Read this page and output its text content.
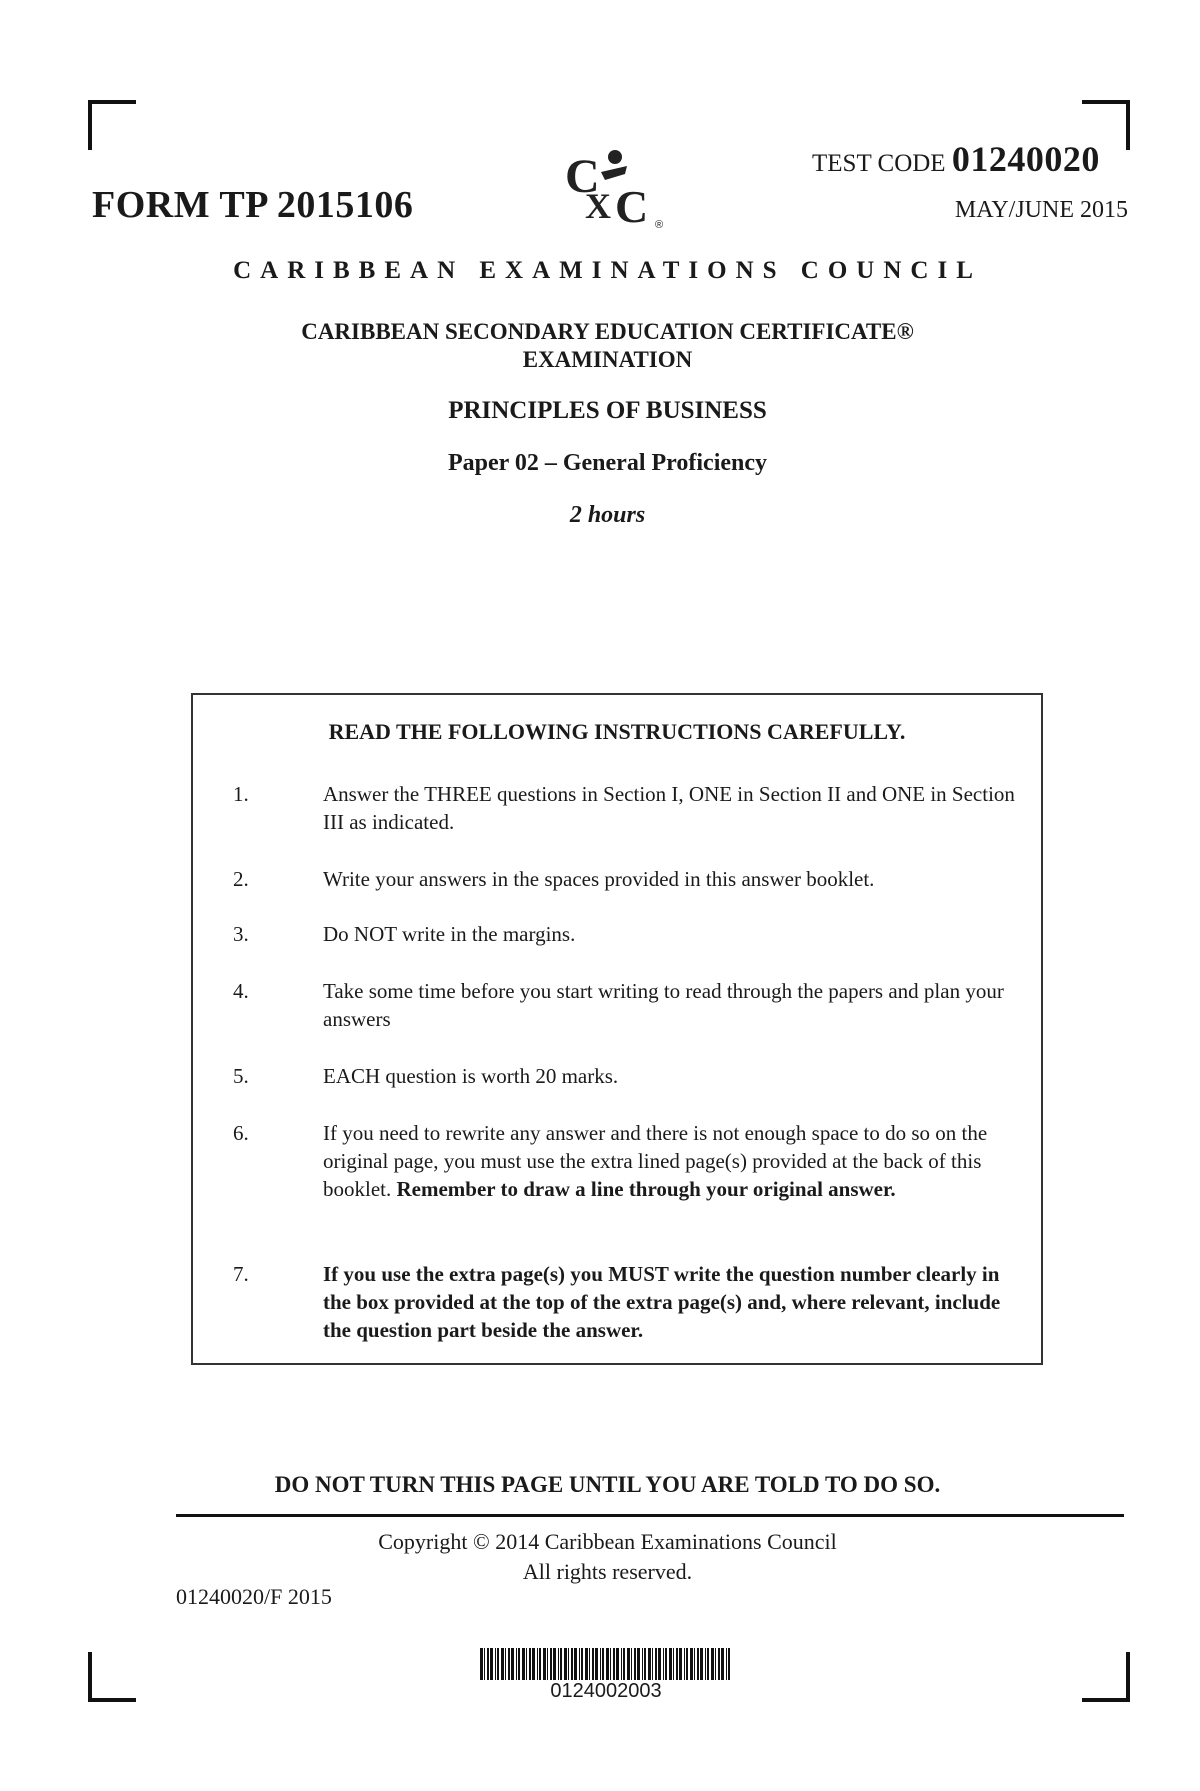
FORM TP 2015106
C
X C ®
TEST CODE 01240020
MAY/JUNE 2015
CARIBBEAN EXAMINATIONS COUNCIL
CARIBBEAN SECONDARY EDUCATION CERTIFICATE®
EXAMINATION
PRINCIPLES OF BUSINESS
Paper 02 – General Proficiency
2 hours
READ THE FOLLOWING INSTRUCTIONS CAREFULLY.
1.	Answer the THREE questions in Section I, ONE in Section II and ONE in Section III as indicated.
2.	Write your answers in the spaces provided in this answer booklet.
3.	Do NOT write in the margins.
4.	Take some time before you start writing to read through the papers and plan your answers
5.	EACH question is worth 20 marks.
6.	If you need to rewrite any answer and there is not enough space to do so on the original page, you must use the extra lined page(s) provided at the back of this booklet. Remember to draw a line through your original answer.
7.	If you use the extra page(s) you MUST write the question number clearly in the box provided at the top of the extra page(s) and, where relevant, include the question part beside the answer.
DO NOT TURN THIS PAGE UNTIL YOU ARE TOLD TO DO SO.
Copyright © 2014 Caribbean Examinations Council
All rights reserved.
01240020/F 2015
0124002003
